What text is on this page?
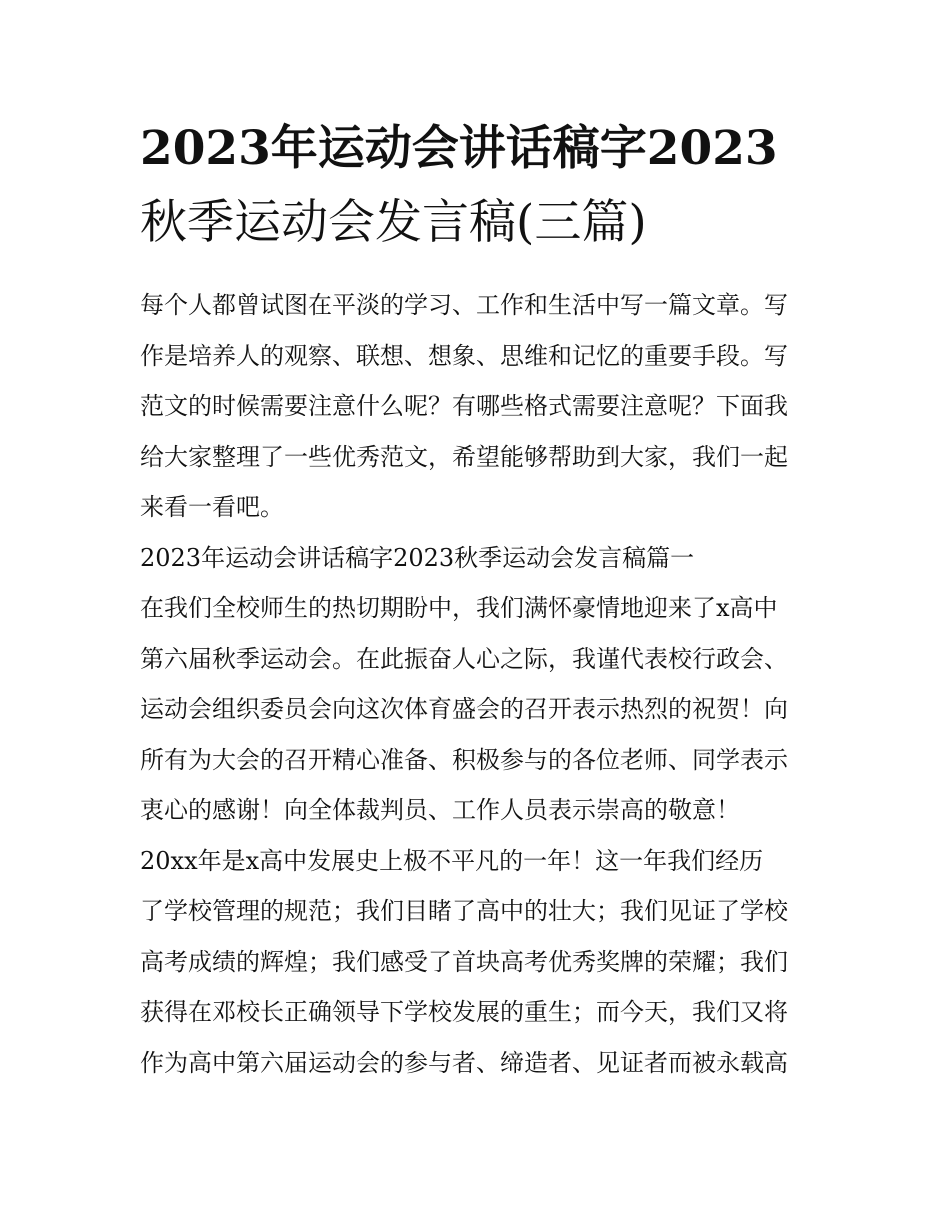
2023年运动会讲话稿字2023
秋季运动会发言稿(三篇)
每个人都曾试图在平淡的学习、工作和生活中写一篇文章。写
作是培养人的观察、联想、想象、思维和记忆的重要手段。写
范文的时候需要注意什么呢？有哪些格式需要注意呢？下面我
给大家整理了一些优秀范文，希望能够帮助到大家，我们一起
来看一看吧。
2023年运动会讲话稿字2023秋季运动会发言稿篇一
在我们全校师生的热切期盼中，我们满怀豪情地迎来了x高中
第六届秋季运动会。在此振奋人心之际，我谨代表校行政会、
运动会组织委员会向这次体育盛会的召开表示热烈的祝贺！向
所有为大会的召开精心准备、积极参与的各位老师、同学表示
衷心的感谢！向全体裁判员、工作人员表示崇高的敬意！
20xx年是x高中发展史上极不平凡的一年！这一年我们经历
了学校管理的规范；我们目睹了高中的壮大；我们见证了学校
高考成绩的辉煌；我们感受了首块高考优秀奖牌的荣耀；我们
获得在邓校长正确领导下学校发展的重生；而今天，我们又将
作为高中第六届运动会的参与者、缔造者、见证者而被永载高
